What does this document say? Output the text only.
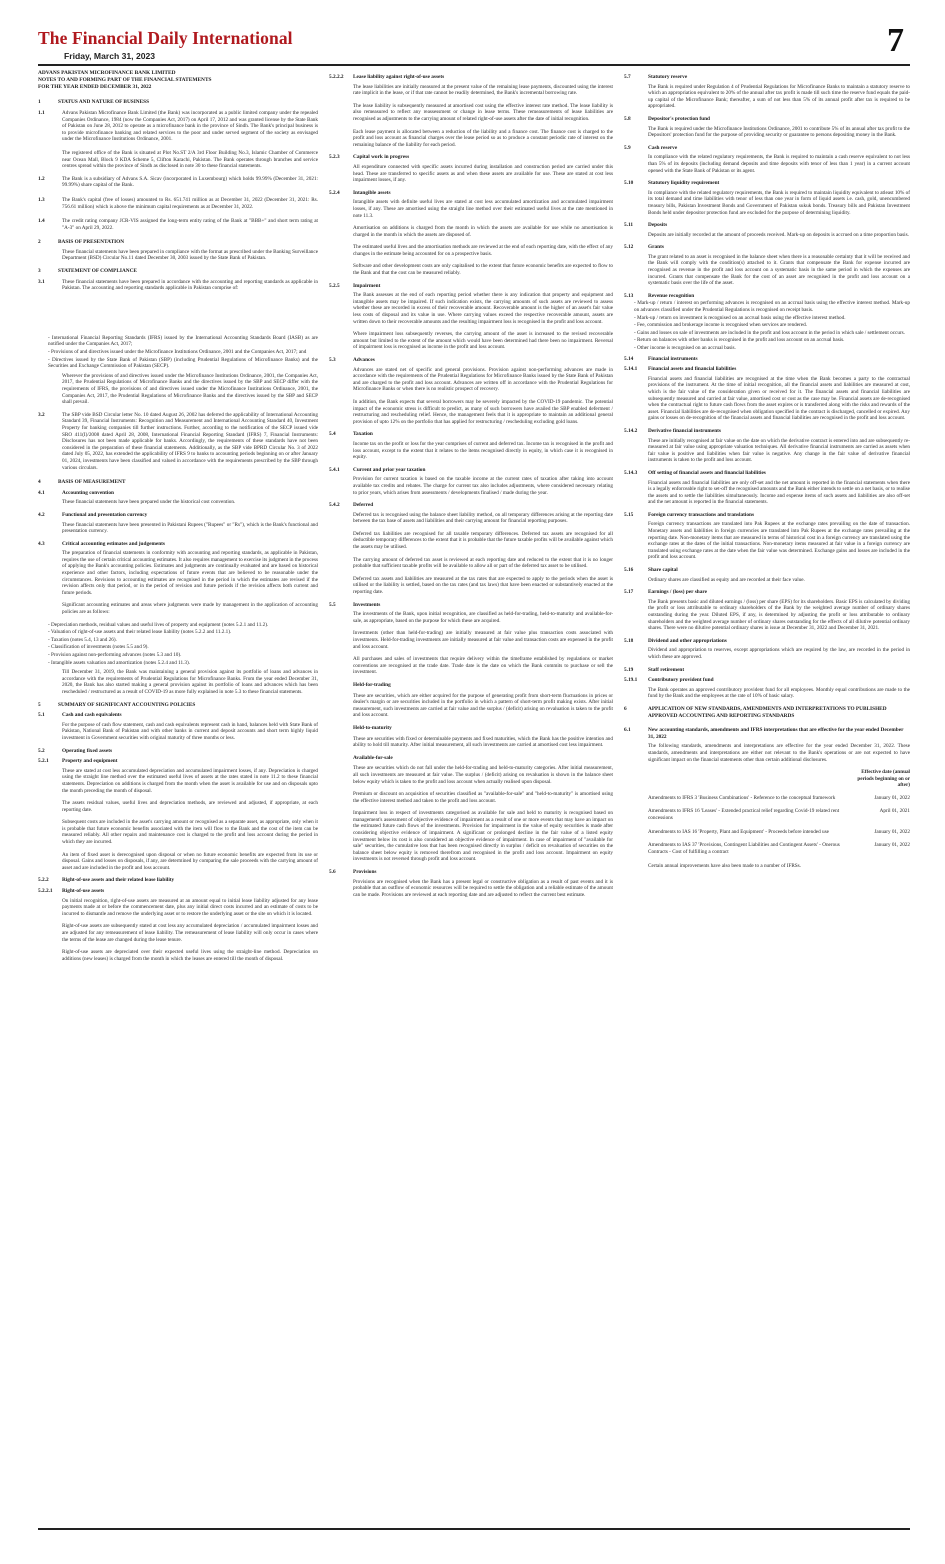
The Financial Daily International
Friday, March 31, 2023	7
ADVANS PAKISTAN MICROFINANCE BANK LIMITED
NOTES TO AND FORMING PART OF THE FINANCIAL STATEMENTS
FOR THE YEAR ENDED DECEMBER 31, 2022
1	STATUS AND NATURE OF BUSINESS
1.1	Advans Pakistan Microfinance Bank Limited (the Bank) was incorporated as a public limited company under the repealed Companies Ordinance, 1984 (now the Companies Act, 2017) on April 17, 2012 and was granted license by the State Bank of Pakistan on June 28, 2012 to operate as a microfinance bank in the province of Sindh. The Bank's principal business is to provide microfinance banking and related services to the poor and under served segment of the society as envisaged under the Microfinance Institutions Ordinance, 2001.
The registered office of the Bank is situated at Plot No.ST 2/A 3rd Floor Building No.3, Islamic Chamber of Commerce near Ocean Mall, Block 9 KDA Scheme 5, Clifton Karachi, Pakistan. The Bank operates through branches and service centres spread within the province of Sindh as disclosed in note 30 to these financial statements.
1.2	The Bank is a subsidiary of Advans S.A. Sicav (incorporated in Luxembourg) which holds 99.99% (December 31, 2021: 99.99%) share capital of the Bank.
1.3	The Bank's capital (free of losses) amounted to Rs. 651.741 million as at December 31, 2022 (December 31, 2021: Rs. 756.61 million) which is above the minimum capital requirements as at December 31, 2022.
1.4	The credit rating company JCR-VIS assigned the long-term entity rating of the Bank at "BBB+" and short term rating at "A-3" on April 29, 2022.
2	BASIS OF PRESENTATION
These financial statements have been prepared in compliance with the format as prescribed under the Banking Surveillance Department (BSD) Circular No.11 dated December 30, 2003 issued by the State Bank of Pakistan.
3	STATEMENT OF COMPLIANCE
3.1	These financial statements have been prepared in accordance with the accounting and reporting standards as applicable in Pakistan. The accounting and reporting standards applicable in Pakistan comprise of:
- International Financial Reporting Standards (IFRS) issued by the International Accounting Standards Board (IASB) as are notified under the Companies Act, 2017;
- Provisions of and directives issued under the Microfinance Institutions Ordinance, 2001 and the Companies Act, 2017; and
- Directives issued by the State Bank of Pakistan (SBP) (including Prudential Regulations of Microfinance Banks) and the Securities and Exchange Commission of Pakistan (SECP).
Wherever the provisions of and directives issued under the Microfinance Institutions Ordinance, 2001, the Companies Act, 2017, the Prudential Regulations of Microfinance Banks and the directives issued by the SBP and SECP differ with the requirements of IFRS, the provisions of and directives issued under the Microfinance Institutions Ordinance, 2001, the Companies Act, 2017, the Prudential Regulations of Microfinance Banks and the directives issued by the SBP and SECP shall prevail.
3.2	The SBP vide BSD Circular letter No. 10 dated August 26, 2002 has deferred the applicability of International Accounting Standard 39, Financial Instruments: Recognition and Measurement and International Accounting Standard 40, Investment Property for banking companies till further instructions. Further, according to the notification of the SECP issued vide SRO 411(I)/2008 dated April 28, 2008, International Financial Reporting Standard (IFRS) 7, Financial Instruments: Disclosures has not been made applicable for banks. Accordingly, the requirements of these standards have not been considered in the preparation of these financial statements. Additionally, as the SBP vide BPRD Circular No. 3 of 2022 dated July 05, 2022, has extended the applicability of IFRS 9 to banks to accounting periods beginning on or after January 01, 2024, investments have been classified and valued in accordance with the requirements prescribed by the SBP through various circulars.
4	BASIS OF MEASUREMENT
4.1	Accounting convention
These financial statements have been prepared under the historical cost convention.
4.2	Functional and presentation currency
These financial statements have been presented in Pakistani Rupees ("Rupees" or "Rs"), which is the Bank's functional and presentation currency.
4.3	Critical accounting estimates and judgements
The preparation of financial statements in conformity with accounting and reporting standards, as applicable in Pakistan, requires the use of certain critical accounting estimates. It also requires management to exercise its judgment in the process of applying the Bank's accounting policies. Estimates and judgments are continually evaluated and are based on historical experience and other factors, including expectations of future events that are believed to be reasonable under the circumstances. Revisions to accounting estimates are recognised in the period in which the estimates are revised if the revision affects only that period, or in the period of revision and future periods if the revision affects both current and future periods.
Significant accounting estimates and areas where judgments were made by management in the application of accounting policies are as follows:
- Depreciation methods, residual values and useful lives of property and equipment (notes 5.2.1 and 11.2).
- Valuation of right-of-use assets and their related lease liability (notes 5.2.2 and 11.2.1).
- Taxation (notes 5.4, 13 and 26).
- Classification of investments (notes 5.5 and 9).
- Provision against non-performing advances (notes 5.3 and 10).
- Intangible assets valuation and amortization (notes 5.2.4 and 11.3).
Till December 31, 2019, the Bank was maintaining a general provision against its portfolio of loans and advances in accordance with the requirements of Prudential Regulations for Microfinance Banks. From the year ended December 31, 2020, the Bank has also started making a general provision against its portfolio of loans and advances which has been rescheduled / restructured as a result of COVID-19 as more fully explained in note 5.3 to these financial statements.
5	SUMMARY OF SIGNIFICANT ACCOUNTING POLICIES
5.1	Cash and cash equivalents
For the purpose of cash flow statement, cash and cash equivalents represent cash in hand, balances held with State Bank of Pakistan, National Bank of Pakistan and with other banks in current and deposit accounts and short term highly liquid investment in Government securities with original maturity of three months or less.
5.2	Operating fixed assets
5.2.1	Property and equipment
These are stated at cost less accumulated depreciation and accumulated impairment losses, if any. Depreciation is charged using the straight line method over the estimated useful lives of assets at the rates stated in note 11.2 to these financial statements. Depreciation on additions is charged from the month when the asset is available for use and on disposals upto the month preceding the month of disposal.
The assets residual values, useful lives and depreciation methods, are reviewed and adjusted, if appropriate, at each reporting date.
Subsequent costs are included in the asset's carrying amount or recognised as a separate asset, as appropriate, only when it is probable that future economic benefits associated with the item will flow to the Bank and the cost of the item can be measured reliably. All other repairs and maintenance cost is charged to the profit and loss account during the period in which they are incurred.
An item of fixed asset is derecognised upon disposal or when no future economic benefits are expected from its use or disposal. Gains and losses on disposals, if any, are determined by comparing the sale proceeds with the carrying amount of asset and are included in the profit and loss account.
5.2.2	Right-of-use assets and their related lease liability
5.2.2.1	Right-of-use assets
On initial recognition, right-of-use assets are measured at an amount equal to initial lease liability adjusted for any lease payments made at or before the commencement date, plus any initial direct costs incurred and an estimate of costs to be incurred to dismantle and remove the underlying asset or to restore the underlying asset or the site on which it is located.
Right-of-use assets are subsequently stated at cost less any accumulated depreciation / accumulated impairment losses and are adjusted for any remeasurement of lease liability. The remeasurement of lease liability will only occur in cases where the terms of the lease are changed during the lease tenure.
Right-of-use assets are depreciated over their expected useful lives using the straight-line method. Depreciation on additions (new leases) is charged from the month in which the leases are entered till the month of disposal.
5.2.2.2	Lease liability against right-of-use assets
The lease liabilities are initially measured at the present value of the remaining lease payments, discounted using the interest rate implicit in the lease, or if that rate cannot be readily determined, the Bank's incremental borrowing rate.
The lease liability is subsequently measured at amortised cost using the effective interest rate method. The lease liability is also remeasured to reflect any reassessment or change in lease terms. These remeasurements of lease liabilities are recognised as adjustments to the carrying amount of related right-of-use assets after the date of initial recognition.
Each lease payment is allocated between a reduction of the liability and a finance cost. The finance cost is charged to the profit and loss account as financial charges over the lease period so as to produce a constant periodic rate of interest on the remaining balance of the liability for each period.
5.2.3	Capital work in progress
All expenditure connected with specific assets incurred during installation and construction period are carried under this head. These are transferred to specific assets as and when these assets are available for use. These are stated at cost less impairment losses, if any.
5.2.4	Intangible assets
Intangible assets with definite useful lives are stated at cost less accumulated amortization and accumulated impairment losses, if any. These are amortised using the straight line method over their estimated useful lives at the rate mentioned in note 11.3.
Amortisation on additions is charged from the month in which the assets are available for use while no amortisation is charged in the month in which the assets are disposed of.
The estimated useful lives and the amortisation methods are reviewed at the end of each reporting date, with the effect of any changes in the estimate being accounted for on a prospective basis.
Software and other development costs are only capitalised to the extent that future economic benefits are expected to flow to the Bank and that the cost can be measured reliably.
5.2.5	Impairment
The Bank assesses at the end of each reporting period whether there is any indication that property and equipment and intangible assets may be impaired. If such indication exists, the carrying amounts of such assets are reviewed to assess whether these are recorded in excess of their recoverable amount. Recoverable amount is the higher of an asset's fair value less costs of disposal and its value in use. Where carrying values exceed the respective recoverable amount, assets are written down to their recoverable amounts and the resulting impairment loss is recognised in the profit and loss account.
Where impairment loss subsequently reverses, the carrying amount of the asset is increased to the revised recoverable amount but limited to the extent of the amount which would have been determined had there been no impairment. Reversal of impairment loss is recognised as income in the profit and loss account.
5.3	Advances
Advances are stated net of specific and general provisions. Provision against non-performing advances are made in accordance with the requirements of the Prudential Regulations for Microfinance Banks issued by the State Bank of Pakistan and are charged to the profit and loss account. Advances are written off in accordance with the Prudential Regulations for Microfinance Banks or when there is no realistic prospect of recovery.
In addition, the Bank expects that several borrowers may be severely impacted by the COVID-19 pandemic. The potential impact of the economic stress is difficult to predict, as many of such borrowers have availed the SBP enabled deferment / restructuring and rescheduling relief. Hence, the management feels that it is appropriate to maintain an additional general provision of upto 12% on the portfolio that has applied for restructuring / rescheduling excluding gold loans.
5.4	Taxation
Income tax on the profit or loss for the year comprises of current and deferred tax. Income tax is recognised in the profit and loss account, except to the extent that it relates to the items recognised directly in equity, in which case it is recognised in equity.
5.4.1	Current and prior year taxation
Provision for current taxation is based on the taxable income at the current rates of taxation after taking into account available tax credits and rebates. The charge for current tax also includes adjustments, where considered necessary relating to prior years, which arises from assessments / developments finalised / made during the year.
5.4.2	Deferred
Deferred tax is recognised using the balance sheet liability method, on all temporary differences arising at the reporting date between the tax base of assets and liabilities and their carrying amount for financial reporting purposes.
Deferred tax liabilities are recognised for all taxable temporary differences. Deferred tax assets are recognised for all deductible temporary differences to the extent that it is probable that the future taxable profits will be available against which the assets may be utilised.
The carrying amount of deferred tax asset is reviewed at each reporting date and reduced to the extent that it is no longer probable that sufficient taxable profits will be available to allow all or part of the deferred tax asset to be utilised.
Deferred tax assets and liabilities are measured at the tax rates that are expected to apply to the periods when the asset is utilised or the liability is settled, based on the tax rates (and tax laws) that have been enacted or substantively enacted at the reporting date.
5.5	Investments
The investments of the Bank, upon initial recognition, are classified as held-for-trading, held-to-maturity and available-for-sale, as appropriate, based on the purpose for which these are acquired.
Investments (other than held-for-trading) are initially measured at fair value plus transaction costs associated with investments. Held-for-trading investments are initially measured at fair value and transaction costs are expensed in the profit and loss account.
All purchases and sales of investments that require delivery within the timeframe established by regulations or market conventions are recognised at the trade date. Trade date is the date on which the Bank commits to purchase or sell the investment.
Held-for-trading
These are securities, which are either acquired for the purpose of generating profit from short-term fluctuations in prices or dealer's margin or are securities included in the portfolio in which a pattern of short-term profit making exists. After initial measurement, such investments are carried at fair value and the surplus / (deficit) arising on revaluation is taken to the profit and loss account.
Held-to-maturity
These are securities with fixed or determinable payments and fixed maturities, which the Bank has the positive intention and ability to hold till maturity. After initial measurement, all such investments are carried at amortised cost less impairment.
Available-for-sale
These are securities which do not fall under the held-for-trading and held-to-maturity categories. After initial measurement, all such investments are measured at fair value. The surplus / (deficit) arising on revaluation is shown in the balance sheet below equity which is taken to the profit and loss account when actually realised upon disposal.
Premium or discount on acquisition of securities classified as "available-for-sale" and "held-to-maturity" is amortised using the effective interest method and taken to the profit and loss account.
Impairment loss in respect of investments categorised as available for sale and held to maturity is recognised based on management's assessment of objective evidence of impairment as a result of one or more events that may have an impact on the estimated future cash flows of the investments. Provision for impairment in the value of equity securities is made after considering objective evidence of impairment. A significant or prolonged decline in the fair value of a listed equity investment below its cost is also considered an objective evidence of impairment. In case of impairment of "available for sale" securities, the cumulative loss that has been recognised directly in surplus / deficit on revaluation of securities on the balance sheet below equity is removed therefrom and recognised in the profit and loss account. Impairment on equity investments is not reversed through profit and loss account.
5.6	Provisions
Provisions are recognised when the Bank has a present legal or constructive obligation as a result of past events and it is probable that an outflow of economic resources will be required to settle the obligation and a reliable estimate of the amount can be made. Provisions are reviewed at each reporting date and are adjusted to reflect the current best estimate.
5.7	Statutory reserve
The Bank is required under Regulation 4 of Prudential Regulations for Microfinance Banks to maintain a statutory reserve to which an appropriation equivalent to 20% of the annual after tax profit is made till such time the reserve fund equals the paid-up capital of the Microfinance Bank; thereafter, a sum of not less than 5% of its annual profit after tax is required to be appropriated.
5.8	Depositor's protection fund
The Bank is required under the Microfinance Institutions Ordinance, 2001 to contribute 5% of its annual after tax profit to the Depositors' protection fund for the purpose of providing security or guarantee to persons depositing money in the Bank.
5.9	Cash reserve
In compliance with the related regulatory requirements, the Bank is required to maintain a cash reserve equivalent to not less than 5% of its deposits (including demand deposits and time deposits with tenor of less than 1 year) in a current account opened with the State Bank of Pakistan or its agent.
5.10	Statutory liquidity requirement
In compliance with the related regulatory requirements, the Bank is required to maintain liquidity equivalent to atleast 10% of its total demand and time liabilities with tenor of less than one year in form of liquid assets i.e. cash, gold, unencumbered treasury bills, Pakistan Investment Bonds and Government of Pakistan sukuk bonds. Treasury bills and Pakistan Investment Bonds held under depositor protection fund are excluded for the purpose of determining liquidity.
5.11	Deposits
Deposits are initially recorded at the amount of proceeds received. Mark-up on deposits is accrued on a time proportion basis.
5.12	Grants
The grant related to an asset is recognised in the balance sheet when there is a reasonable certainty that it will be received and the Bank will comply with the condition(s) attached to it. Grants that compensate the Bank for expense incurred are recognised as revenue in the profit and loss account on a systematic basis in the same period in which the expenses are incurred. Grants that compensate the Bank for the cost of an asset are recognised in the profit and loss account on a systematic basis over the life of the asset.
5.13	Revenue recognition
- Mark-up / return / interest on performing advances is recognised on an accrual basis using the effective interest method. Mark-up on advances classified under the Prudential Regulations is recognised on receipt basis.
- Mark-up / return on investment is recognised on an accrual basis using the effective interest method.
- Fee, commission and brokerage income is recognised when services are rendered.
- Gains and losses on sale of investments are included in the profit and loss account in the period in which sale / settlement occurs.
- Return on balances with other banks is recognised in the profit and loss account on an accrual basis.
- Other income is recognised on an accrual basis.
5.14	Financial instruments
5.14.1	Financial assets and financial liabilities
Financial assets and financial liabilities are recognised at the time when the Bank becomes a party to the contractual provisions of the instrument. At the time of initial recognition, all the financial assets and liabilities are measured at cost, which is the fair value of the consideration given or received for it. The financial assets and financial liabilities are subsequently measured and carried at fair value, amortised cost or cost as the case may be. Financial assets are de-recognised when the contractual right to future cash flows from the asset expires or is transferred along with the risks and rewards of the asset. Financial liabilities are de-recognised when obligation specified in the contract is discharged, cancelled or expired. Any gains or losses on de-recognition of the financial assets and financial liabilities are recognised in the profit and loss account.
5.14.2	Derivative financial instruments
These are initially recognised at fair value on the date on which the derivative contract is entered into and are subsequently re-measured at fair value using appropriate valuation techniques. All derivative financial instruments are carried as assets when fair value is positive and liabilities when fair value is negative. Any change in the fair value of derivative financial instruments is taken to the profit and loss account.
5.14.3	Off setting of financial assets and financial liabilities
Financial assets and financial liabilities are only off-set and the net amount is reported in the financial statements when there is a legally enforceable right to set-off the recognised amounts and the Bank either intends to settle on a net basis, or to realise the assets and to settle the liabilities simultaneously. Income and expense items of such assets and liabilities are also off-set and the net amount is reported in the financial statements.
5.15	Foreign currency transactions and translations
Foreign currency transactions are translated into Pak Rupees at the exchange rates prevailing on the date of transaction. Monetary assets and liabilities in foreign currencies are translated into Pak Rupees at the exchange rates prevailing at the reporting date. Non-monetary items that are measured in terms of historical cost in a foreign currency are translated using the exchange rates at the dates of the initial transactions. Non-monetary items measured at fair value in a foreign currency are translated using exchange rates at the date when the fair value was determined. Exchange gains and losses are included in the profit and loss account.
5.16	Share capital
Ordinary shares are classified as equity and are recorded at their face value.
5.17	Earnings / (loss) per share
The Bank presents basic and diluted earnings / (loss) per share (EPS) for its shareholders. Basic EPS is calculated by dividing the profit or loss attributable to ordinary shareholders of the Bank by the weighted average number of ordinary shares outstanding during the year. Diluted EPS, if any, is determined by adjusting the profit or loss attributable to ordinary shareholders and the weighted average number of ordinary shares outstanding for the effects of all dilutive potential ordinary shares. There were no dilutive potential ordinary shares in issue at December 31, 2022 and December 31, 2021.
5.18	Dividend and other appropriations
Dividend and appropriation to reserves, except appropriations which are required by the law, are recorded in the period in which these are approved.
5.19	Staff retirement
5.19.1	Contributory provident fund
The Bank operates an approved contributory provident fund for all employees. Monthly equal contributions are made to the fund by the Bank and the employees at the rate of 10% of basic salary.
6	APPLICATION OF NEW STANDARDS, AMENDMENTS AND INTERPRETATIONS TO PUBLISHED APPROVED ACCOUNTING AND REPORTING STANDARDS
6.1	New accounting standards, amendments and IFRS interpretations that are effective for the year ended December 31, 2022
The following standards, amendments and interpretations are effective for the year ended December 31, 2022. These standards, amendments and interpretations are either not relevant to the Bank's operations or are not expected to have significant impact on the financial statements other than certain additional disclosures.
	Effective date (annual periods beginning on or after)
Amendments to IFRS 3 'Business Combinations' - Reference to the conceptual framework	January 01, 2022
Amendments to IFRS 16 'Leases' - Extended practical relief regarding Covid-19 related rent concessions	April 01, 2021
Amendments to IAS 16 'Property, Plant and Equipment' - Proceeds before intended use	January 01, 2022
Amendments to IAS 37 'Provisions, Contingent Liabilities and Contingent Assets' - Onerous Contracts - Cost of fulfilling a contract	January 01, 2022
Certain annual improvements have also been made to a number of IFRSs.
